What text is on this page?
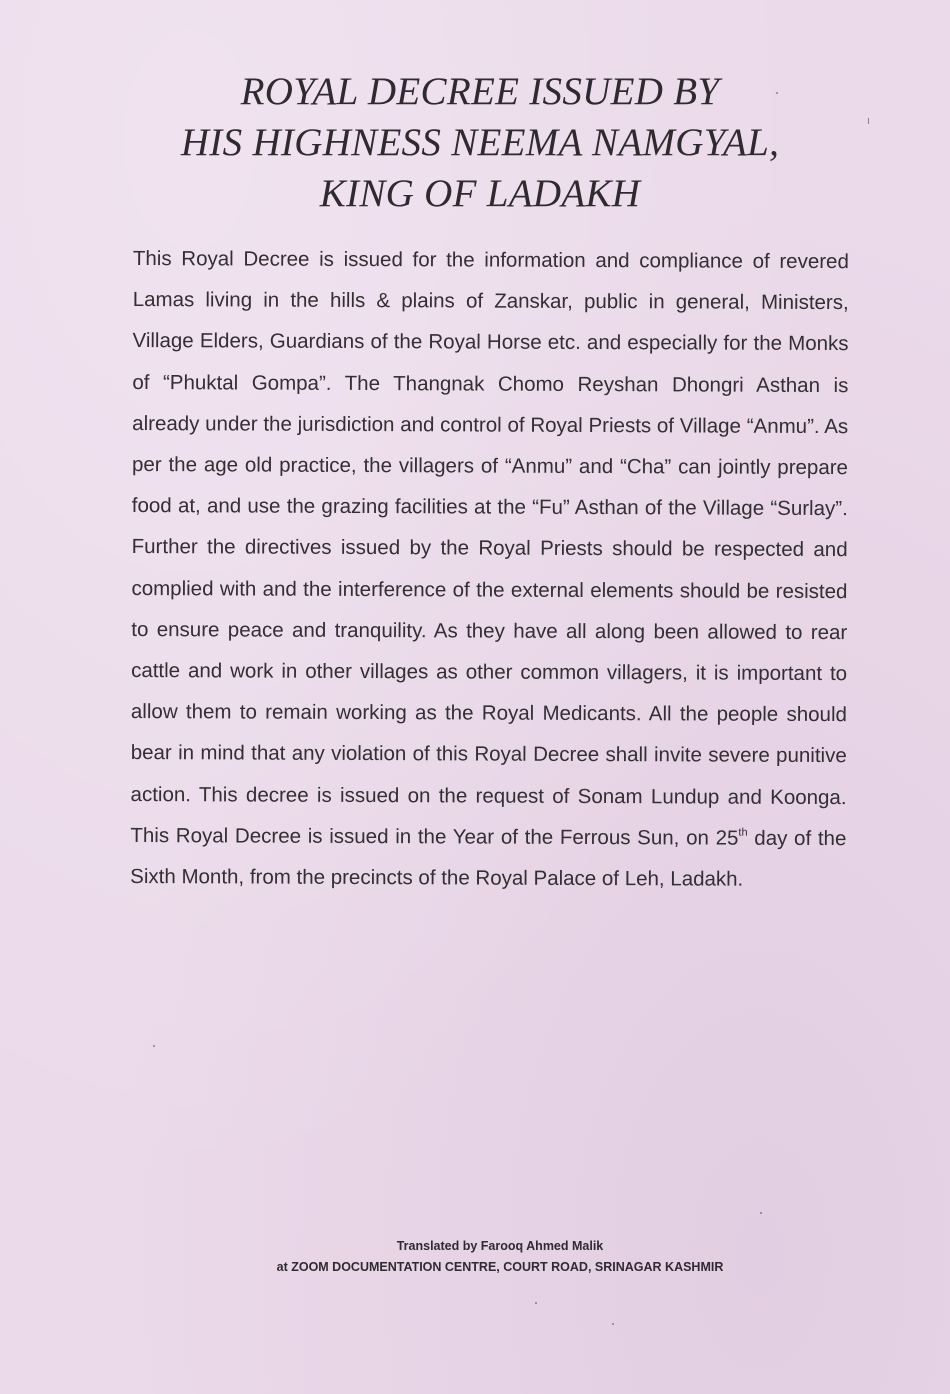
ROYAL DECREE ISSUED BY
HIS HIGHNESS NEEMA NAMGYAL,
KING OF LADAKH

This Royal Decree is issued for the information and compliance of revered Lamas living in the hills & plains of Zanskar, public in general, Ministers, Village Elders, Guardians of the Royal Horse etc. and especially for the Monks of “Phuktal Gompa”. The Thangnak Chomo Reyshan Dhongri Asthan is already under the jurisdiction and control of Royal Priests of Village “Anmu”. As per the age old practice, the villagers of “Anmu” and “Cha” can jointly prepare food at, and use the grazing facilities at the “Fu” Asthan of the Village “Surlay”. Further the directives issued by the Royal Priests should be respected and complied with and the interference of the external elements should be resisted to ensure peace and tranquility. As they have all along been allowed to rear cattle and work in other villages as other common villagers, it is important to allow them to remain working as the Royal Medicants. All the people should bear in mind that any violation of this Royal Decree shall invite severe punitive action. This decree is issued on the request of Sonam Lundup and Koonga. This Royal Decree is issued in the Year of the Ferrous Sun, on 25th day of the Sixth Month, from the precincts of the Royal Palace of Leh, Ladakh.

Translated by Farooq Ahmed Malik
at ZOOM DOCUMENTATION CENTRE, COURT ROAD, SRINAGAR KASHMIR
